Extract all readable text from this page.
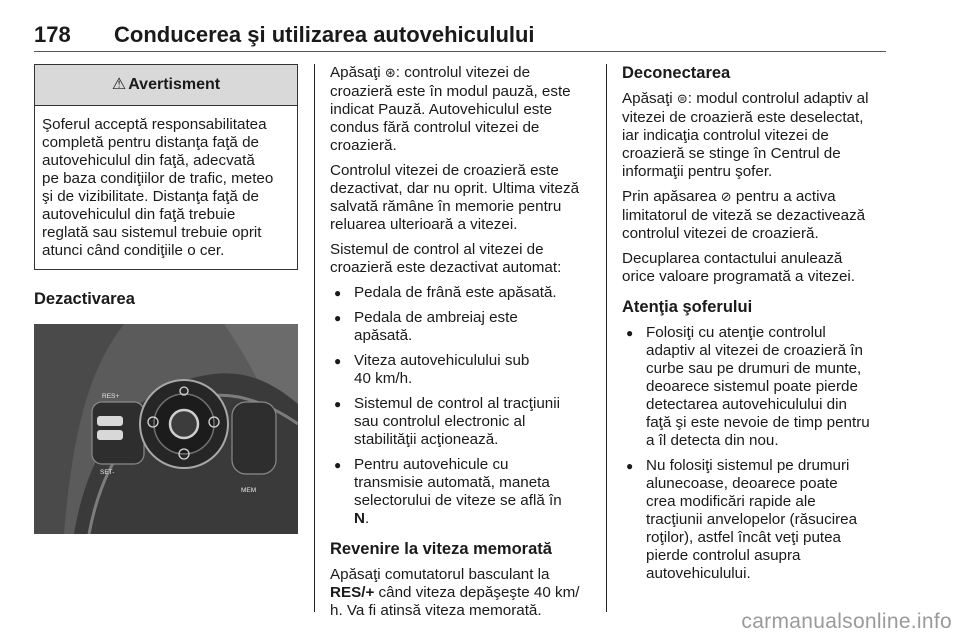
178 Conducerea şi utilizarea autovehiculului
⚠ Avertisment
Şoferul acceptă responsabilitatea
completă pentru distanţa faţă de
autovehiculul din faţă, adecvată
pe baza condiţiilor de trafic, meteo
şi de vizibilitate. Distanţa faţă de
autovehiculul din faţă trebuie
reglată sau sistemul trebuie oprit
atunci când condiţiile o cer.
Dezactivarea
RES+
SET-
MEM

Apăsaţi ⊛: controlul vitezei de
croazieră este în modul pauză, este
indicat Pauză. Autovehiculul este
condus fără controlul vitezei de
croazieră.

Controlul vitezei de croazieră este
dezactivat, dar nu oprit. Ultima viteză
salvată rămâne în memorie pentru
reluarea ulterioară a vitezei.

Sistemul de control al vitezei de
croazieră este dezactivat automat:

● Pedala de frână este apăsată.
● Pedala de ambreiaj este
apăsată.
● Viteza autovehiculului sub
40 km/h.
● Sistemul de control al tracţiunii
sau controlul electronic al
stabilităţii acţionează.
● Pentru autovehicule cu
transmisie automată, maneta
selectorului de viteze se află în
N.
Revenire la viteza memorată

Apăsaţi comutatorul basculant la
RES/+ când viteza depăşeşte 40 km/
h. Va fi atinsă viteza memorată.

Deconectarea

Apăsaţi ⊜: modul controlul adaptiv al
vitezei de croazieră este deselectat,
iar indicaţia controlul vitezei de
croazieră se stinge în Centrul de
informaţii pentru şofer.

Prin apăsarea ⊘ pentru a activa
limitatorul de viteză se dezactivează
controlul vitezei de croazieră.

Decuplarea contactului anulează
orice valoare programată a vitezei.

Atenţia şoferului
● Folosiţi cu atenţie controlul
adaptiv al vitezei de croazieră în
curbe sau pe drumuri de munte,
deoarece sistemul poate pierde
detectarea autovehiculului din
faţă şi este nevoie de timp pentru
a îl detecta din nou.
● Nu folosiţi sistemul pe drumuri
alunecoase, deoarece poate
crea modificări rapide ale
tracţiunii anvelopelor (răsucirea
roţilor), astfel încât veţi putea
pierde controlul asupra
autovehiculului.
carmanualsonline.info
